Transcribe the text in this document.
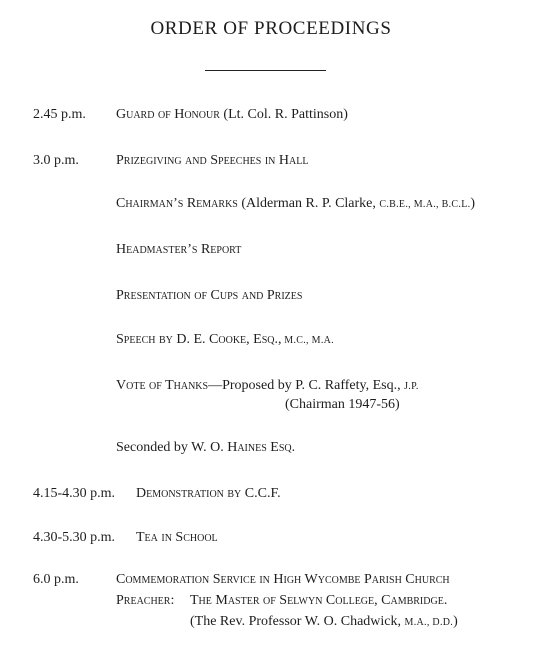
ORDER OF PROCEEDINGS
2.45 p.m. Guard of Honour (Lt. Col. R. Pattinson)
3.0 p.m.	Prizegiving and Speeches in Hall
Chairman’s Remarks (Alderman R. P. Clarke, C.B.E., M.A., B.C.L.)
Headmaster’s Report
Presentation of Cups and Prizes
Speech by D. E. Cooke, Esq., M.C., M.A.
Vote of Thanks—Proposed by P. C. Raffety, Esq., J.P.
(Chairman 1947-56)
Seconded by W. O. Haines Esq.
4.15-4.30 p.m. Demonstration by C.C.F.
4.30-5.30 p.m. Tea in School
6.0 p.m.	Commemoration Service in High Wycombe Parish Church
Preacher: The Master of Selwyn College, Cambridge.
(The Rev. Professor W. O. Chadwick, M.A., D.D.)
